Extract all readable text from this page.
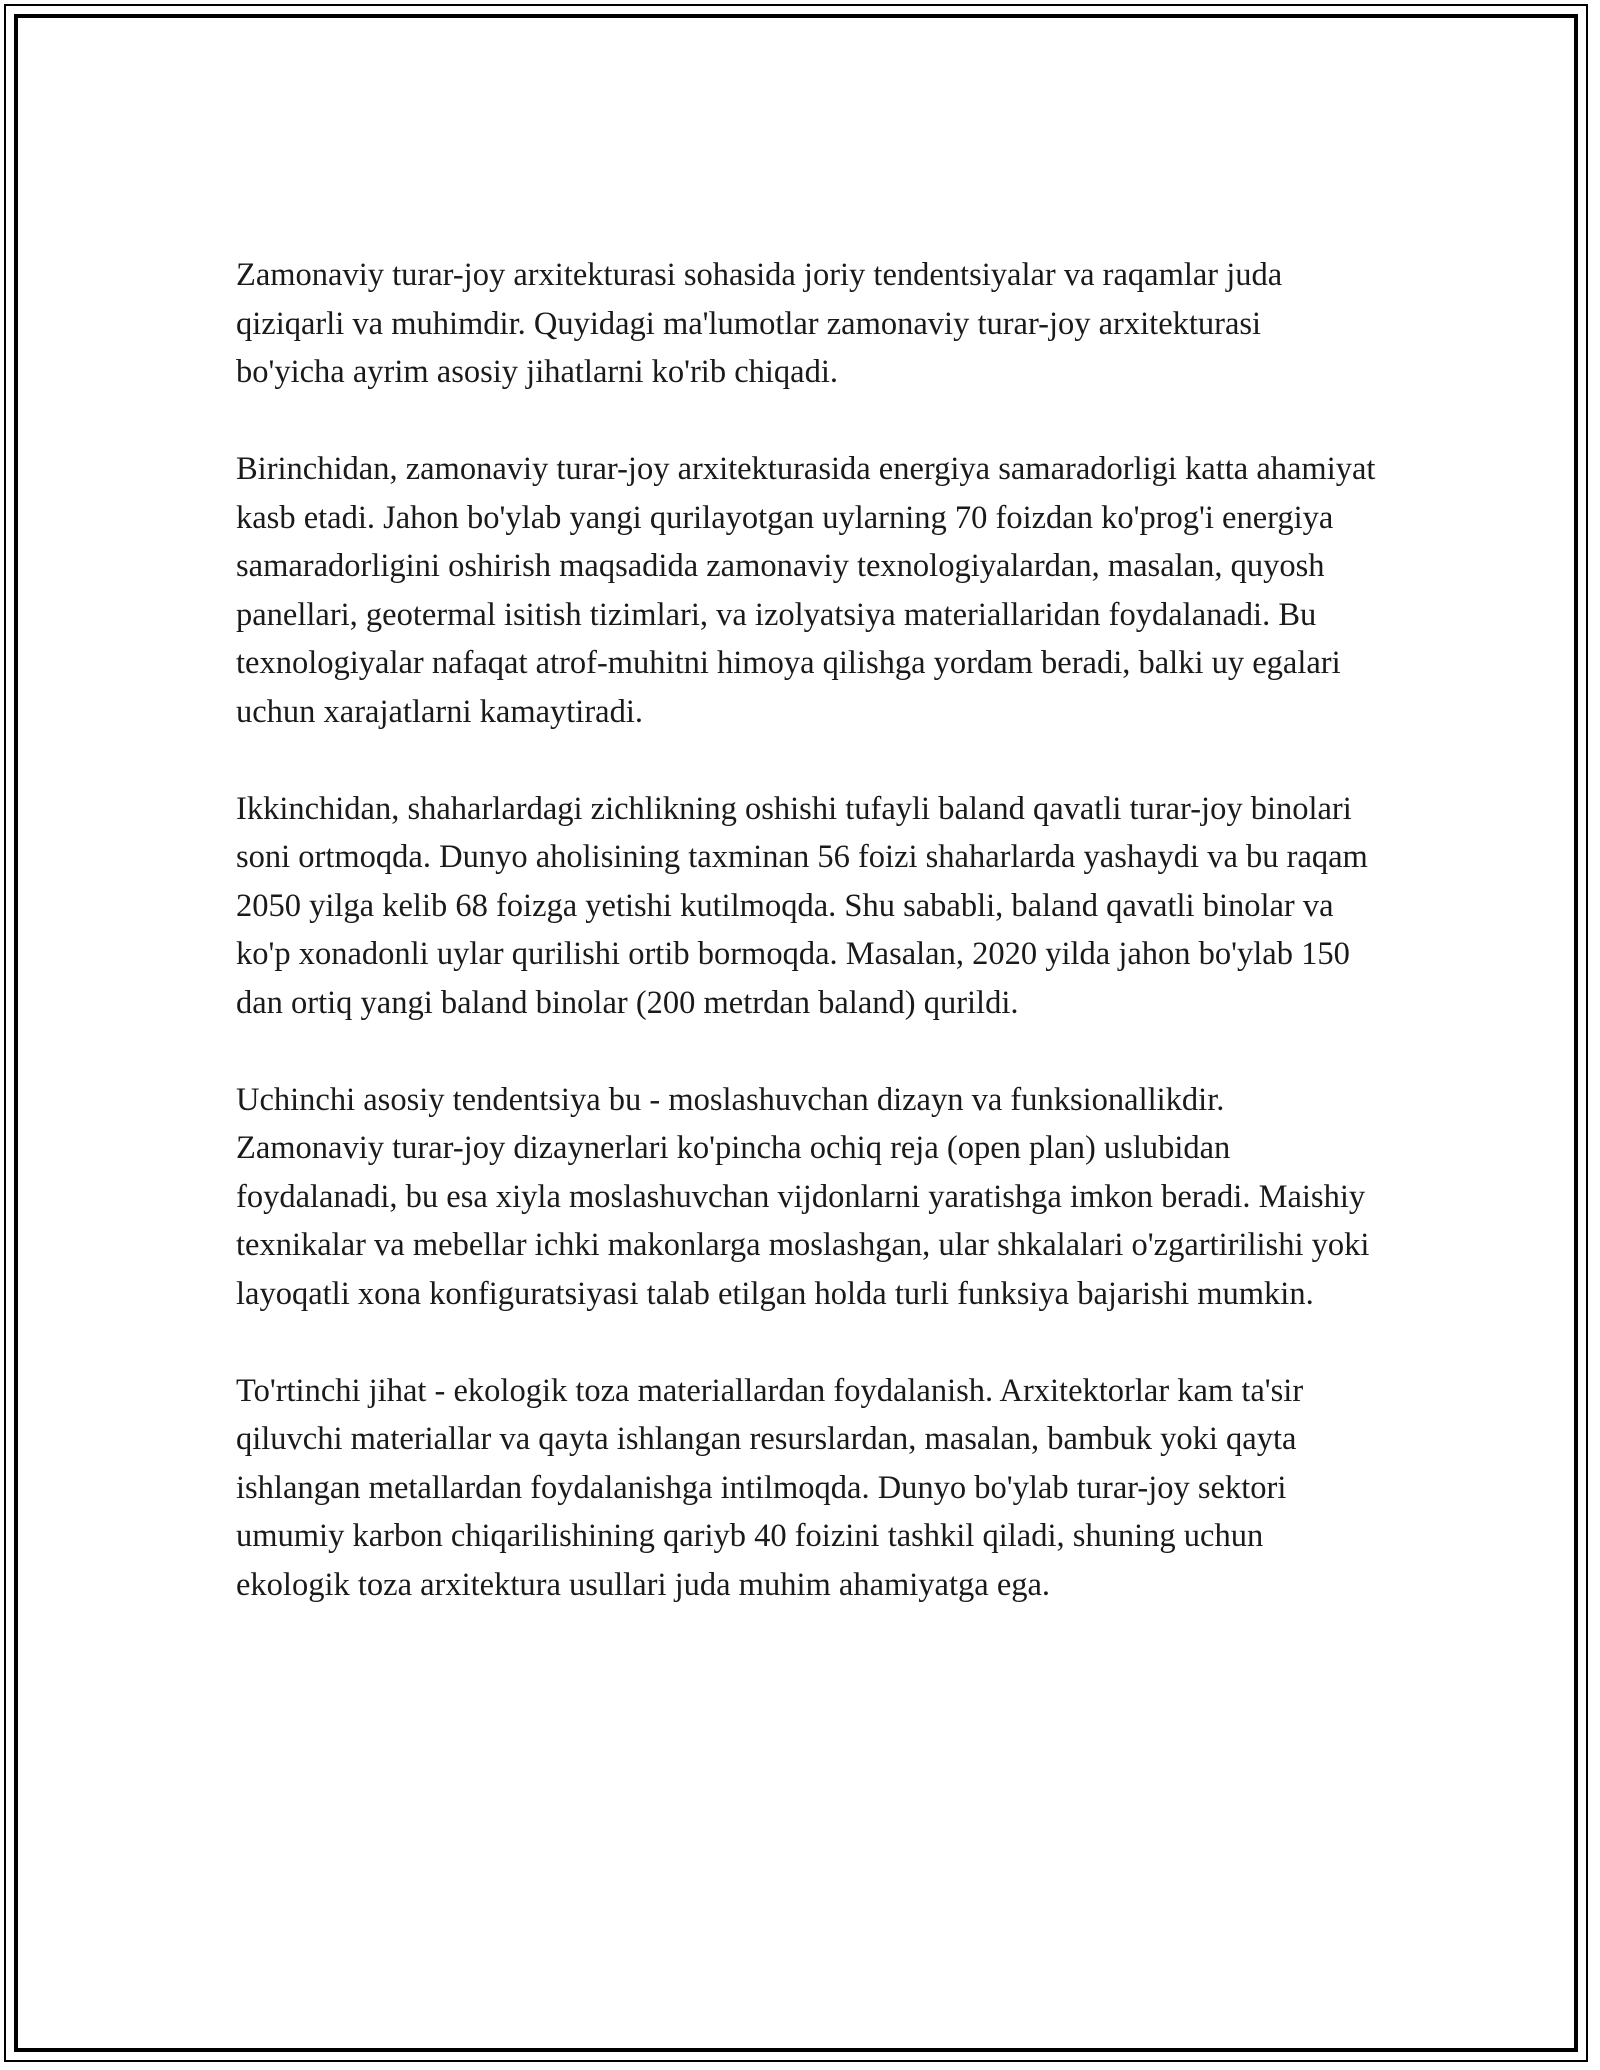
Zamonaviy turar-joy arxitekturasi sohasida joriy tendentsiyalar va raqamlar juda qiziqarli va muhimdir. Quyidagi ma'lumotlar zamonaviy turar-joy arxitekturasi bo'yicha ayrim asosiy jihatlarni ko'rib chiqadi.

Birinchidan, zamonaviy turar-joy arxitekturasida energiya samaradorligi katta ahamiyat kasb etadi. Jahon bo'ylab yangi qurilayotgan uylarning 70 foizdan ko'prog'i energiya samaradorligini oshirish maqsadida zamonaviy texnologiyalardan, masalan, quyosh panellari, geotermal isitish tizimlari, va izolyatsiya materiallaridan foydalanadi. Bu texnologiyalar nafaqat atrof-muhitni himoya qilishga yordam beradi, balki uy egalari uchun xarajatlarni kamaytiradi.

Ikkinchidan, shaharlardagi zichlikning oshishi tufayli baland qavatli turar-joy binolari soni ortmoqda. Dunyo aholisining taxminan 56 foizi shaharlarda yashaydi va bu raqam 2050 yilga kelib 68 foizga yetishi kutilmoqda. Shu sababli, baland qavatli binolar va ko'p xonadonli uylar qurilishi ortib bormoqda. Masalan, 2020 yilda jahon bo'ylab 150 dan ortiq yangi baland binolar (200 metrdan baland) qurildi.

Uchinchi asosiy tendentsiya bu - moslashuvchan dizayn va funksionallikdir. Zamonaviy turar-joy dizaynerlari ko'pincha ochiq reja (open plan) uslubidan foydalanadi, bu esa xiyla moslashuvchan vijdonlarni yaratishga imkon beradi. Maishiy texnikalar va mebellar ichki makonlarga moslashgan, ular shkalalari o'zgartirilishi yoki layoqatli xona konfiguratsiyasi talab etilgan holda turli funksiya bajarishi mumkin.

To'rtinchi jihat - ekologik toza materiallardan foydalanish. Arxitektorlar kam ta'sir qiluvchi materiallar va qayta ishlangan resurslardan, masalan, bambuk yoki qayta ishlangan metallardan foydalanishga intilmoqda. Dunyo bo'ylab turar-joy sektori umumiy karbon chiqarilishining qariyb 40 foizini tashkil qiladi, shuning uchun ekologik toza arxitektura usullari juda muhim ahamiyatga ega.
